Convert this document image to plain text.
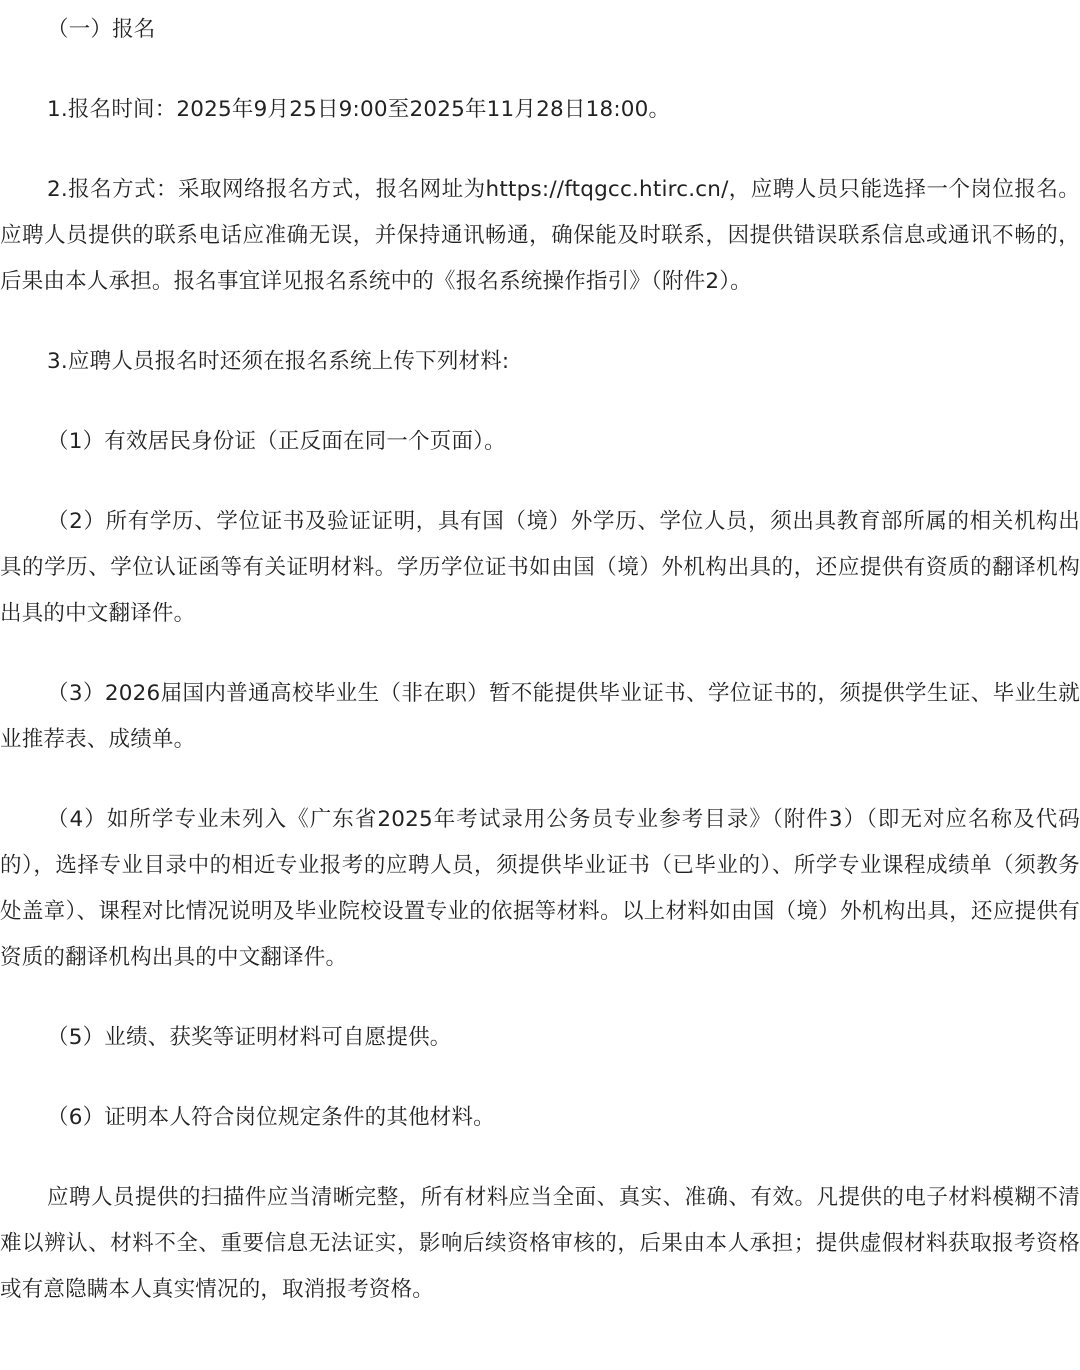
（一）报名

1.报名时间：2025年9月25日9:00至2025年11月28日18:00。

2.报名方式：采取网络报名方式，报名网址为https://ftqgcc.htirc.cn/，应聘人员只能选择一个岗位报名。应聘人员提供的联系电话应准确无误，并保持通讯畅通，确保能及时联系，因提供错误联系信息或通讯不畅的，后果由本人承担。报名事宜详见报名系统中的《报名系统操作指引》（附件2）。

3.应聘人员报名时还须在报名系统上传下列材料:

（1）有效居民身份证（正反面在同一个页面）。

（2）所有学历、学位证书及验证证明，具有国（境）外学历、学位人员，须出具教育部所属的相关机构出具的学历、学位认证函等有关证明材料。学历学位证书如由国（境）外机构出具的，还应提供有资质的翻译机构出具的中文翻译件。

（3）2026届国内普通高校毕业生（非在职）暂不能提供毕业证书、学位证书的，须提供学生证、毕业生就业推荐表、成绩单。

（4）如所学专业未列入《广东省2025年考试录用公务员专业参考目录》（附件3）（即无对应名称及代码的），选择专业目录中的相近专业报考的应聘人员，须提供毕业证书（已毕业的）、所学专业课程成绩单（须教务处盖章）、课程对比情况说明及毕业院校设置专业的依据等材料。以上材料如由国（境）外机构出具，还应提供有资质的翻译机构出具的中文翻译件。

（5）业绩、获奖等证明材料可自愿提供。

（6）证明本人符合岗位规定条件的其他材料。

应聘人员提供的扫描件应当清晰完整，所有材料应当全面、真实、准确、有效。凡提供的电子材料模糊不清难以辨认、材料不全、重要信息无法证实，影响后续资格审核的，后果由本人承担；提供虚假材料获取报考资格或有意隐瞒本人真实情况的，取消报考资格。
